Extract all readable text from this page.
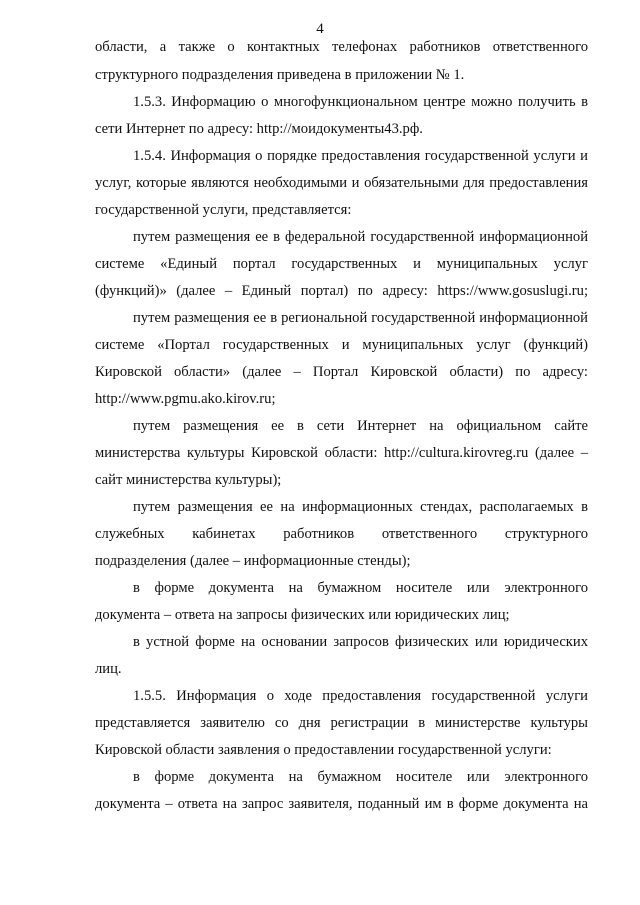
4
области, а также о контактных телефонах работников ответственного
структурного подразделения приведена в приложении № 1.
1.5.3. Информацию о многофункциональном центре можно получить в
сети Интернет по адресу: http://моидокументы43.рф.
1.5.4. Информация о порядке предоставления государственной услуги и
услуг, которые являются необходимыми и обязательными для предоставления
государственной услуги, представляется:
путем размещения ее в федеральной государственной информационной
системе «Единый портал государственных и муниципальных услуг
(функций)» (далее – Единый портал) по адресу: https://www.gosuslugi.ru;
путем размещения ее в региональной государственной информационной
системе «Портал государственных и муниципальных услуг (функций)
Кировской области» (далее – Портал Кировской области) по адресу:
http://www.pgmu.ako.kirov.ru;
путем размещения ее в сети Интернет на официальном сайте
министерства культуры Кировской области: http://cultura.kirovreg.ru (далее –
сайт министерства культуры);
путем размещения ее на информационных стендах, располагаемых в
служебных кабинетах работников ответственного структурного
подразделения (далее – информационные стенды);
в форме документа на бумажном носителе или электронного
документа – ответа на запросы физических или юридических лиц;
в устной форме на основании запросов физических или юридических
лиц.
1.5.5. Информация о ходе предоставления государственной услуги
представляется заявителю со дня регистрации в министерстве культуры
Кировской области заявления о предоставлении государственной услуги:
в форме документа на бумажном носителе или электронного
документа – ответа на запрос заявителя, поданный им в форме документа на
